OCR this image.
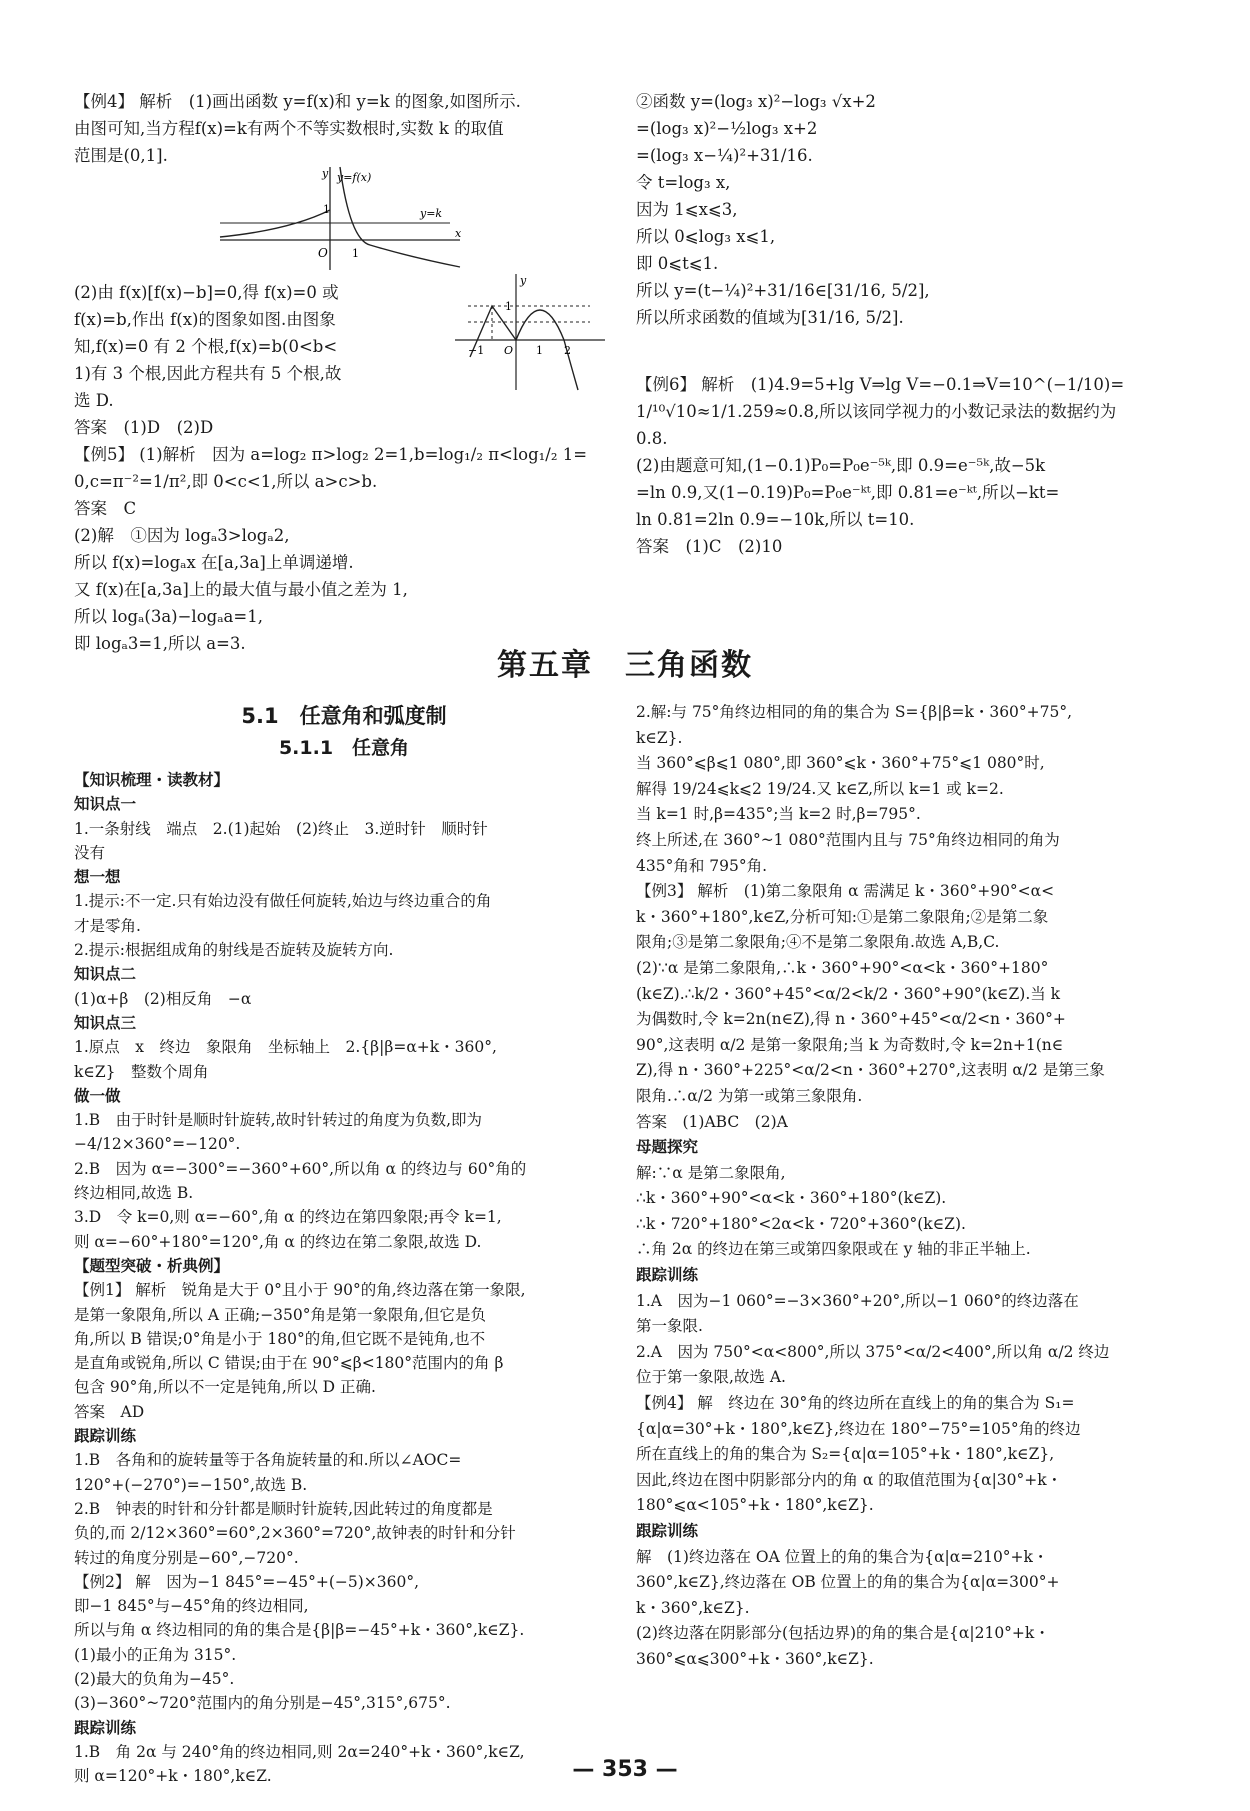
【例4】 解析　(1)画出函数 y=f(x)和 y=k 的图象,如图所示.
由图可知,当方程f(x)=k有两个不等实数根时,实数 k 的取值
范围是(0,1].
(2)由 f(x)[f(x)−b]=0,得 f(x)=0 或
f(x)=b,作出 f(x)的图象如图.由图象
知,f(x)=0 有 2 个根,f(x)=b(0<b<
1)有 3 个根,因此方程共有 5 个根,故
选 D.
答案　(1)D　(2)D
【例5】 (1)解析　因为 a=log₂ π>log₂ 2=1,b=log₁/₂ π<log₁/₂ 1=
0,c=π⁻²=1/π²,即 0<c<1,所以 a>c>b.
答案　C
(2)解　①因为 logₐ3>logₐ2,
所以 f(x)=logₐx 在[a,3a]上单调递增.
又 f(x)在[a,3a]上的最大值与最小值之差为 1,
所以 logₐ(3a)−logₐa=1,
即 logₐ3=1,所以 a=3.
y=f(x)
y=k
y
x
O
1
1
y
1
−1 O 1 2
②函数 y=(log₃ x)²−log₃ √x+2
=(log₃ x)²−½log₃ x+2
=(log₃ x−¼)²+31/16.
令 t=log₃ x,
因为 1⩽x⩽3,
所以 0⩽log₃ x⩽1,
即 0⩽t⩽1.
所以 y=(t−¼)²+31/16∈[31/16, 5/2],
所以所求函数的值域为[31/16, 5/2].
【例6】 解析　(1)4.9=5+lg V⇒lg V=−0.1⇒V=10^(−1/10)=
1/¹⁰√10≈1/1.259≈0.8,所以该同学视力的小数记录法的数据约为
0.8.
(2)由题意可知,(1−0.1)P₀=P₀e⁻⁵ᵏ,即 0.9=e⁻⁵ᵏ,故−5k
=ln 0.9,又(1−0.19)P₀=P₀e⁻ᵏᵗ,即 0.81=e⁻ᵏᵗ,所以−kt=
ln 0.81=2ln 0.9=−10k,所以 t=10.
答案　(1)C　(2)10
第五章　三角函数
5.1　任意角和弧度制
5.1.1　任意角
【知识梳理・读教材】
知识点一
1.一条射线　端点　2.(1)起始　(2)终止　3.逆时针　顺时针
没有
想一想
1.提示:不一定.只有始边没有做任何旋转,始边与终边重合的角
才是零角.
2.提示:根据组成角的射线是否旋转及旋转方向.
知识点二
(1)α+β　(2)相反角　−α
知识点三
1.原点　x　终边　象限角　坐标轴上　2.{β|β=α+k・360°,
k∈Z}　整数个周角
做一做
1.B　由于时针是顺时针旋转,故时针转过的角度为负数,即为
−4/12×360°=−120°.
2.B　因为 α=−300°=−360°+60°,所以角 α 的终边与 60°角的
终边相同,故选 B.
3.D　令 k=0,则 α=−60°,角 α 的终边在第四象限;再令 k=1,
则 α=−60°+180°=120°,角 α 的终边在第二象限,故选 D.
【题型突破・析典例】
【例1】 解析　锐角是大于 0°且小于 90°的角,终边落在第一象限,
是第一象限角,所以 A 正确;−350°角是第一象限角,但它是负
角,所以 B 错误;0°角是小于 180°的角,但它既不是钝角,也不
是直角或锐角,所以 C 错误;由于在 90°⩽β<180°范围内的角 β
包含 90°角,所以不一定是钝角,所以 D 正确.
答案　AD
跟踪训练
1.B　各角和的旋转量等于各角旋转量的和.所以∠AOC=
120°+(−270°)=−150°,故选 B.
2.B　钟表的时针和分针都是顺时针旋转,因此转过的角度都是
负的,而 2/12×360°=60°,2×360°=720°,故钟表的时针和分针
转过的角度分别是−60°,−720°.
【例2】 解　因为−1 845°=−45°+(−5)×360°,
即−1 845°与−45°角的终边相同,
所以与角 α 终边相同的角的集合是{β|β=−45°+k・360°,k∈Z}.
(1)最小的正角为 315°.
(2)最大的负角为−45°.
(3)−360°~720°范围内的角分别是−45°,315°,675°.
跟踪训练
1.B　角 2α 与 240°角的终边相同,则 2α=240°+k・360°,k∈Z,
则 α=120°+k・180°,k∈Z.
2.解:与 75°角终边相同的角的集合为 S={β|β=k・360°+75°,
k∈Z}.
当 360°⩽β⩽1 080°,即 360°⩽k・360°+75°⩽1 080°时,
解得 19/24⩽k⩽2 19/24.又 k∈Z,所以 k=1 或 k=2.
当 k=1 时,β=435°;当 k=2 时,β=795°.
终上所述,在 360°~1 080°范围内且与 75°角终边相同的角为
435°角和 795°角.
【例3】 解析　(1)第二象限角 α 需满足 k・360°+90°<α<
k・360°+180°,k∈Z,分析可知:①是第二象限角;②是第二象
限角;③是第二象限角;④不是第二象限角.故选 A,B,C.
(2)∵α 是第二象限角,∴k・360°+90°<α<k・360°+180°
(k∈Z).∴k/2・360°+45°<α/2<k/2・360°+90°(k∈Z).当 k
为偶数时,令 k=2n(n∈Z),得 n・360°+45°<α/2<n・360°+
90°,这表明 α/2 是第一象限角;当 k 为奇数时,令 k=2n+1(n∈
Z),得 n・360°+225°<α/2<n・360°+270°,这表明 α/2 是第三象
限角.∴α/2 为第一或第三象限角.
答案　(1)ABC　(2)A
母题探究
解:∵α 是第二象限角,
∴k・360°+90°<α<k・360°+180°(k∈Z).
∴k・720°+180°<2α<k・720°+360°(k∈Z).
∴角 2α 的终边在第三或第四象限或在 y 轴的非正半轴上.
跟踪训练
1.A　因为−1 060°=−3×360°+20°,所以−1 060°的终边落在
第一象限.
2.A　因为 750°<α<800°,所以 375°<α/2<400°,所以角 α/2 终边
位于第一象限,故选 A.
【例4】 解　终边在 30°角的终边所在直线上的角的集合为 S₁=
{α|α=30°+k・180°,k∈Z},终边在 180°−75°=105°角的终边
所在直线上的角的集合为 S₂={α|α=105°+k・180°,k∈Z},
因此,终边在图中阴影部分内的角 α 的取值范围为{α|30°+k・
180°⩽α<105°+k・180°,k∈Z}.
跟踪训练
解　(1)终边落在 OA 位置上的角的集合为{α|α=210°+k・
360°,k∈Z},终边落在 OB 位置上的角的集合为{α|α=300°+
k・360°,k∈Z}.
(2)终边落在阴影部分(包括边界)的角的集合是{α|210°+k・
360°⩽α⩽300°+k・360°,k∈Z}.
— 353 —
